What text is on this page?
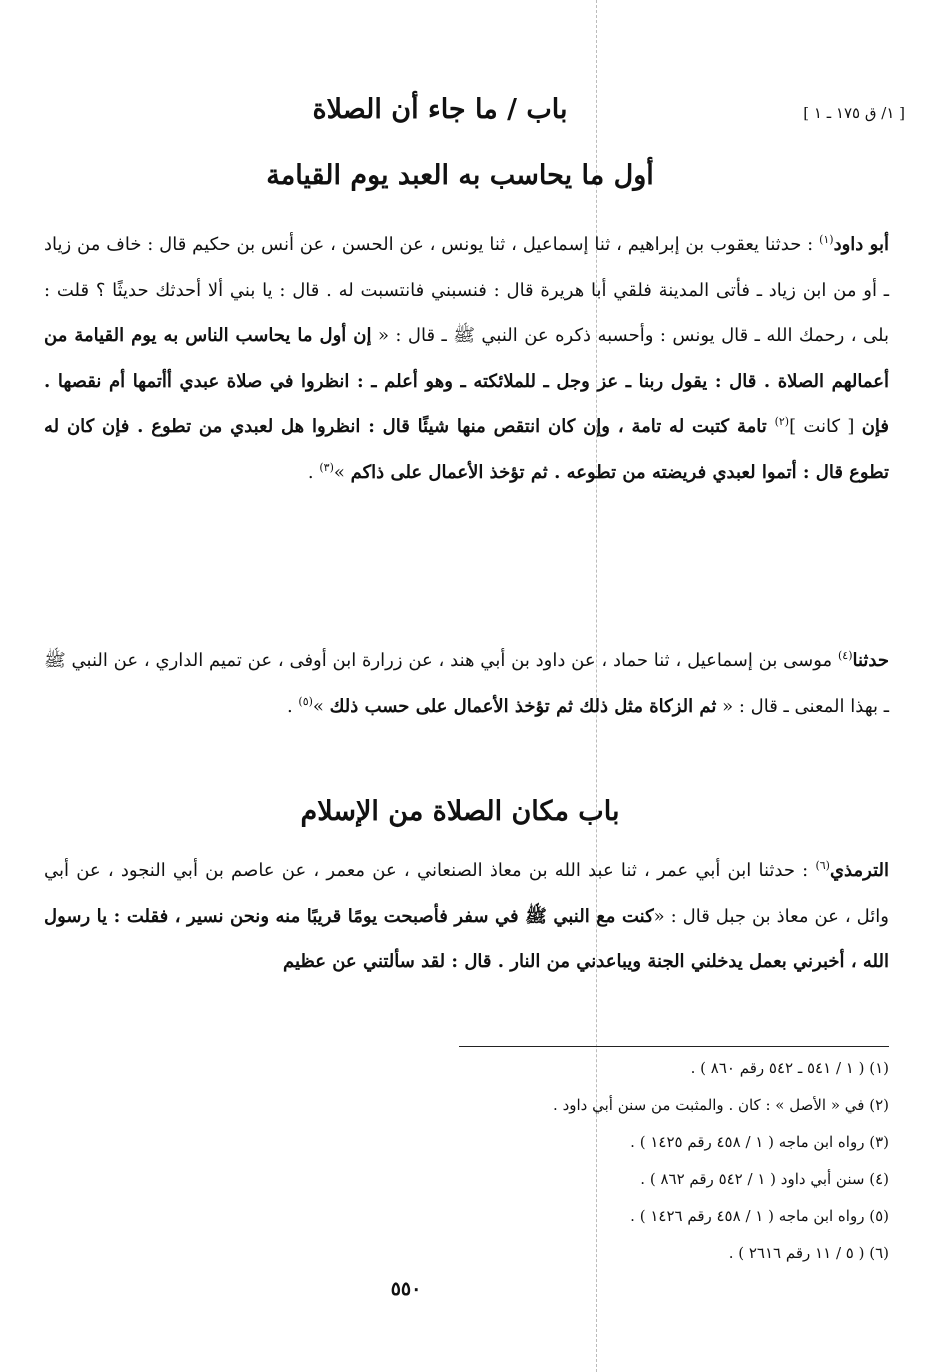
[ ١/ ق ١٧٥ ـ ١ ]
باب / ما جاء أن الصلاة
أول ما يحاسب به العبد يوم القيامة
أبو داود$^{(١)}$ : حدثنا يعقوب بن إبراهيم ، ثنا إسماعيل ، ثنا يونس ، عن الحسن ، عن أنس بن حكيم قال : خاف من زياد ـ أو من ابن زياد ـ فأتى المدينة فلقي أبا هريرة قال : فنسبني فانتسبت له . قال : يا بني ألا أحدثك حديثًا ؟ قلت : بلى ، رحمك الله ـ قال يونس : وأحسبه ذكره عن النبي ﷺ ـ قال : « إن أول ما يحاسب الناس به يوم القيامة من أعمالهم الصلاة . قال : يقول ربنا ـ عز وجل ـ للملائكته ـ وهو أعلم ـ : انظروا في صلاة عبدي أأتمها أم نقصها . فإن [ كانت ]$^{(٢)}$ تامة كتبت له تامة ، وإن كان انتقص منها شيئًا قال : انظروا هل لعبدي من تطوع . فإن كان له تطوع قال : أتموا لعبدي فريضته من تطوعه . ثم تؤخذ الأعمال على ذاكم »$^{(٣)}$ .
حدثنا$^{(٤)}$ موسى بن إسماعيل ، ثنا حماد ، عن داود بن أبي هند ، عن زرارة ابن أوفى ، عن تميم الداري ، عن النبي ﷺ ـ بهذا المعنى ـ قال : « ثم الزكاة مثل ذلك ثم تؤخذ الأعمال على حسب ذلك »$^{(٥)}$ .
باب مكان الصلاة من الإسلام
الترمذي$^{(٦)}$ : حدثنا ابن أبي عمر ، ثنا عبد الله بن معاذ الصنعاني ، عن معمر ، عن عاصم بن أبي النجود ، عن أبي وائل ، عن معاذ بن جبل قال : «كنت مع النبي ﷺ في سفر فأصبحت يومًا قريبًا منه ونحن نسير ، فقلت : يا رسول الله ، أخبرني بعمل يدخلني الجنة ويباعدني من النار . قال : لقد سألتني عن عظيم
(١) ( ١ / ٥٤١ ـ ٥٤٢ رقم ٨٦٠ ) .
(٢) في « الأصل » : كان . والمثبت من سنن أبي داود .
(٣) رواه ابن ماجه ( ١ / ٤٥٨ رقم ١٤٢٥ ) .
(٤) سنن أبي داود ( ١ / ٥٤٢ رقم ٨٦٢ ) .
(٥) رواه ابن ماجه ( ١ / ٤٥٨ رقم ١٤٢٦ ) .
(٦) ( ٥ / ١١ رقم ٢٦١٦ ) .
٥٥٠
